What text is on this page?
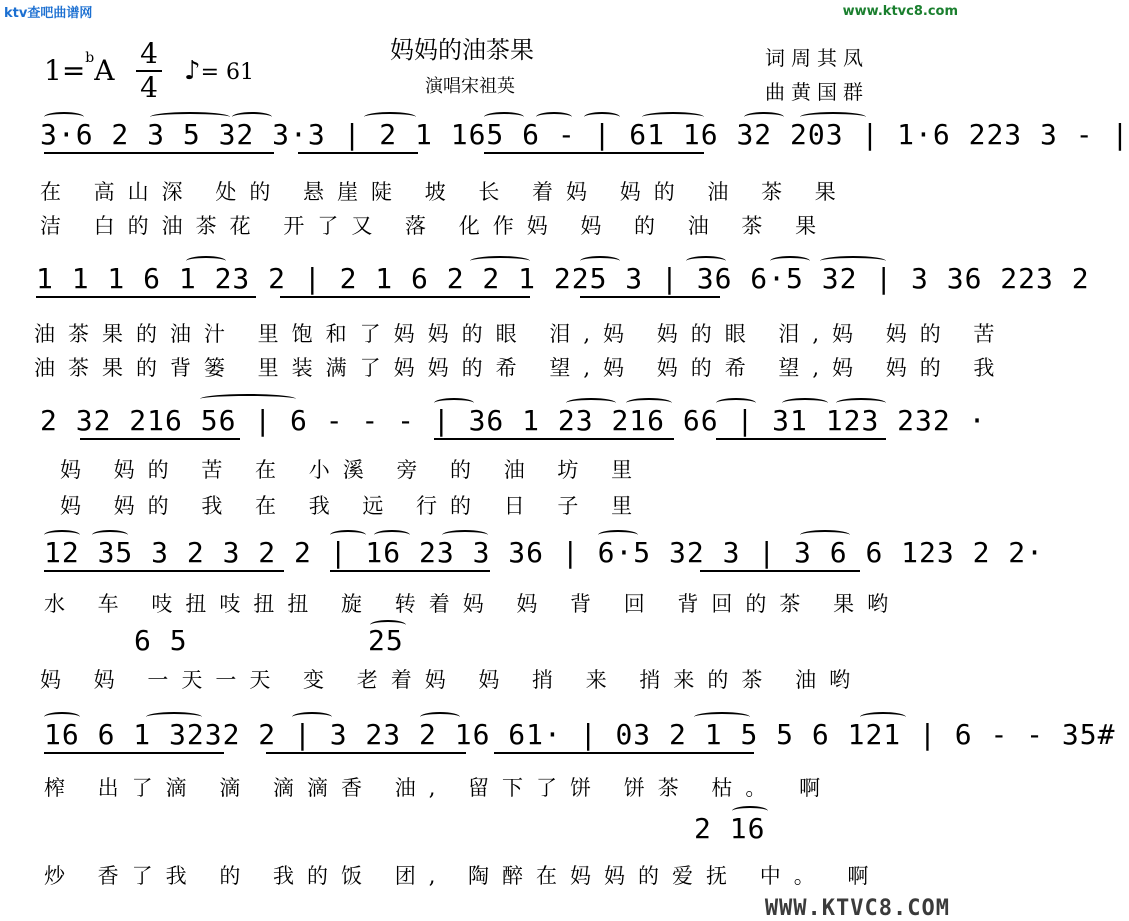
ktv查吧曲谱网	www.ktvc8.com
WWW.KTVC8.COM
妈妈的油茶果
演唱宋祖英
词周其凤
曲黄国群
1=$^b$A
4
4 ♪= 61
3·6 2 3 5 32 3·3 | 2 1 165 6 - | 61 16 32 203 | 1·6 223 3 - |
在 高山深 处的 悬崖陡 坡 长 着妈 妈的 油 茶 果
洁 白的油茶花 开了又 落 化作妈 妈 的 油 茶 果
1 1 1 6 1 23 2 | 2 1 6 2 2 1 225 3 | 36 6·5 32 | 3 36 223 2
油茶果的油汁 里饱和了妈妈的眼 泪,妈 妈的眼 泪,妈 妈的 苦
油茶果的背篓 里装满了妈妈的希 望,妈 妈的希 望,妈 妈的 我
2 32 216 56 | 6 - - - | 36 1 23 216 66 | 31 123 232 ·
妈 妈的 苦 在 小溪 旁 的 油 坊 里
妈 妈的 我 在 我 远 行的 日 子 里
12 35 3 2 3 2 2 | 16 23 3 36 | 6·5 32 3 | 3 6 6 123 2 2·
水 车 吱扭吱扭扭 旋 转着妈 妈 背 回 背回的茶 果哟
6 5	25
妈 妈 一天一天 变 老着妈 妈 捎 来 捎来的茶 油哟
16 6 1 3232 2 | 3 23 2 16 61· | 03 2 1 5 5 6 121 | 6 - - 35#
榨 出了滴 滴 滴滴香 油, 留下了饼 饼茶 枯。 啊
2 16
炒 香了我 的 我的饭 团, 陶醉在妈妈的爱抚 中。 啊
